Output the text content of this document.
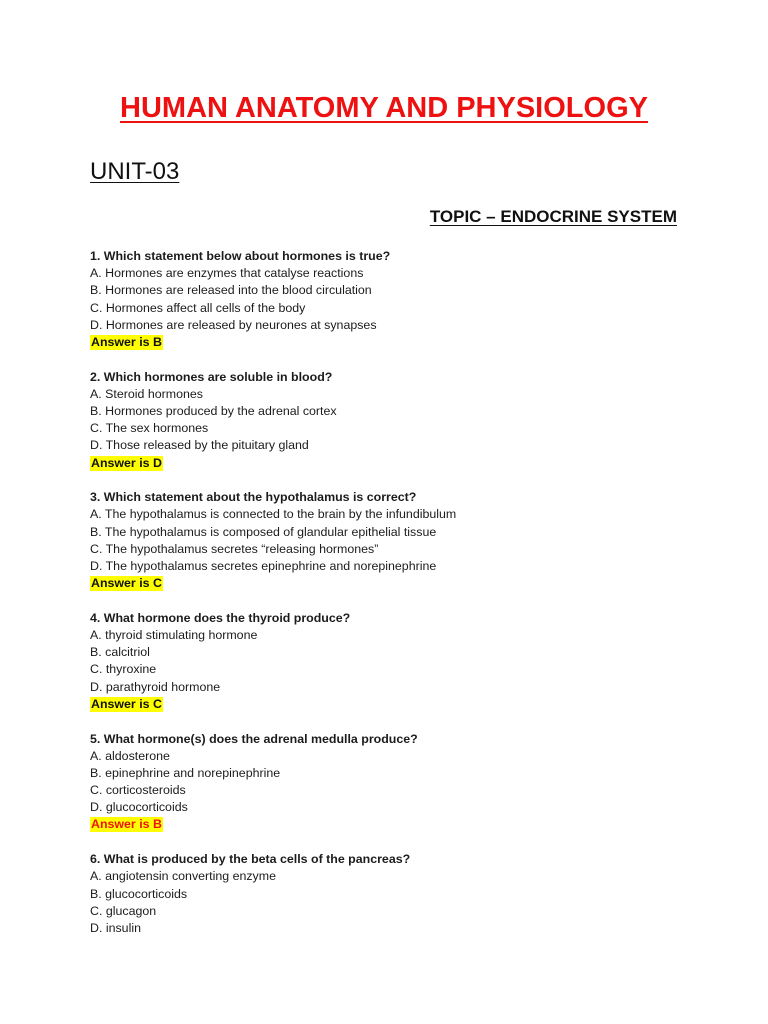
HUMAN ANATOMY AND PHYSIOLOGY
UNIT-03
TOPIC – ENDOCRINE SYSTEM
1. Which statement below about hormones is true?
A. Hormones are enzymes that catalyse reactions
B. Hormones are released into the blood circulation
C. Hormones affect all cells of the body
D. Hormones are released by neurones at synapses
Answer is B
2. Which hormones are soluble in blood?
A. Steroid hormones
B. Hormones produced by the adrenal cortex
C. The sex hormones
D. Those released by the pituitary gland
Answer is D
3. Which statement about the hypothalamus is correct?
A. The hypothalamus is connected to the brain by the infundibulum
B. The hypothalamus is composed of glandular epithelial tissue
C. The hypothalamus secretes “releasing hormones”
D. The hypothalamus secretes epinephrine and norepinephrine
Answer is C
4. What hormone does the thyroid produce?
A. thyroid stimulating hormone
B. calcitriol
C. thyroxine
D. parathyroid hormone
Answer is C
5. What hormone(s) does the adrenal medulla produce?
A. aldosterone
B. epinephrine and norepinephrine
C. corticosteroids
D. glucocorticoids
Answer is B
6. What is produced by the beta cells of the pancreas?
A. angiotensin converting enzyme
B. glucocorticoids
C. glucagon
D. insulin
